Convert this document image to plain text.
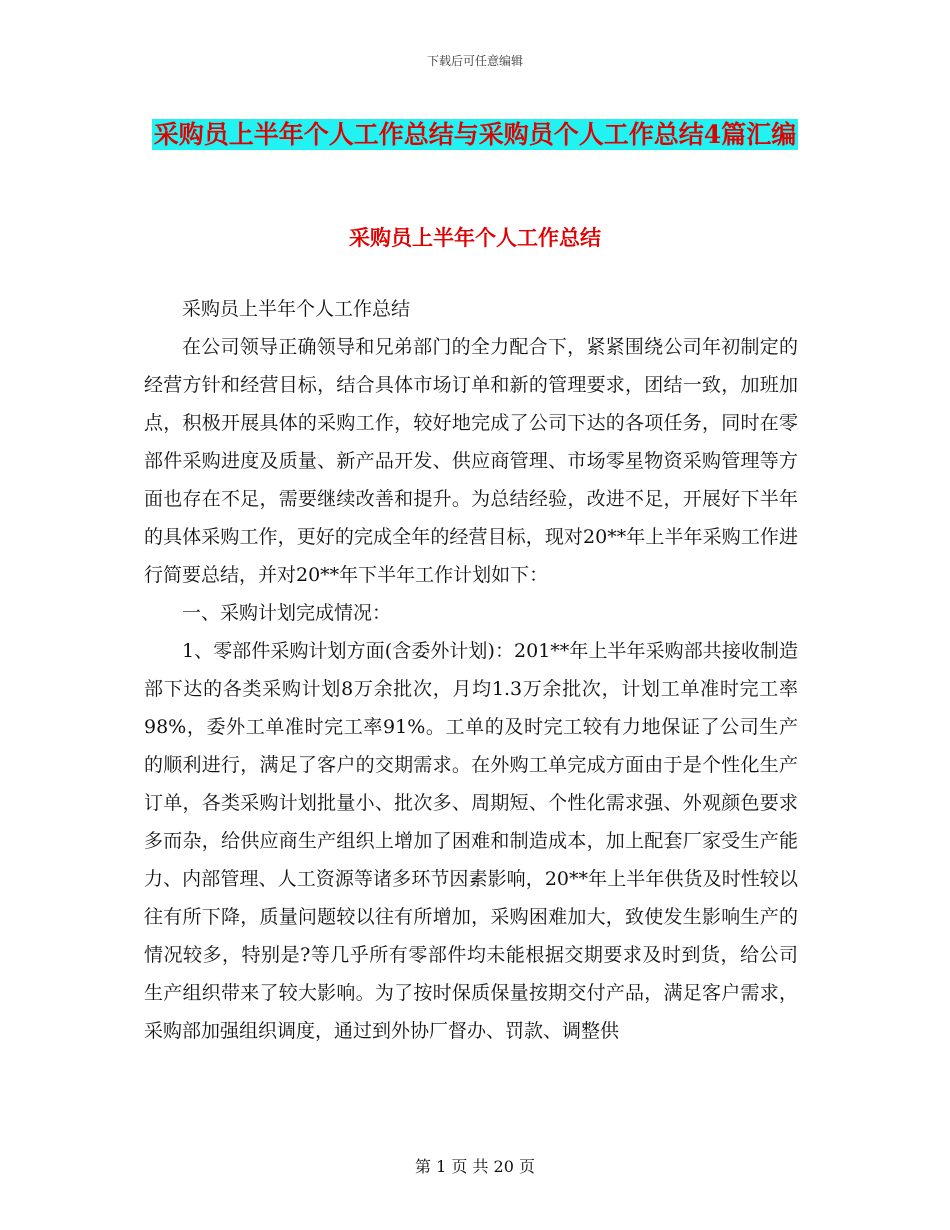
下载后可任意编辑
采购员上半年个人工作总结与采购员个人工作总结4篇汇编
采购员上半年个人工作总结

采购员上半年个人工作总结

在公司领导正确领导和兄弟部门的全力配合下，紧紧围绕公司年初制定的经营方针和经营目标，结合具体市场订单和新的管理要求，团结一致，加班加点，积极开展具体的采购工作，较好地完成了公司下达的各项任务，同时在零部件采购进度及质量、新产品开发、供应商管理、市场零星物资采购管理等方面也存在不足，需要继续改善和提升。为总结经验，改进不足，开展好下半年的具体采购工作，更好的完成全年的经营目标，现对20**年上半年采购工作进行简要总结，并对20**年下半年工作计划如下：

一、采购计划完成情况：

1、零部件采购计划方面(含委外计划)：201**年上半年采购部共接收制造部下达的各类采购计划8万余批次，月均1.3万余批次，计划工单准时完工率98%，委外工单准时完工率91%。工单的及时完工较有力地保证了公司生产的顺利进行，满足了客户的交期需求。在外购工单完成方面由于是个性化生产订单，各类采购计划批量小、批次多、周期短、个性化需求强、外观颜色要求多而杂，给供应商生产组织上增加了困难和制造成本，加上配套厂家受生产能力、内部管理、人工资源等诸多环节因素影响，20**年上半年供货及时性较以往有所下降，质量问题较以往有所增加，采购困难加大，致使发生影响生产的情况较多，特别是?等几乎所有零部件均未能根据交期要求及时到货，给公司生产组织带来了较大影响。为了按时保质保量按期交付产品，满足客户需求，采购部加强组织调度，通过到外协厂督办、罚款、调整供

第 1 页 共 20 页
